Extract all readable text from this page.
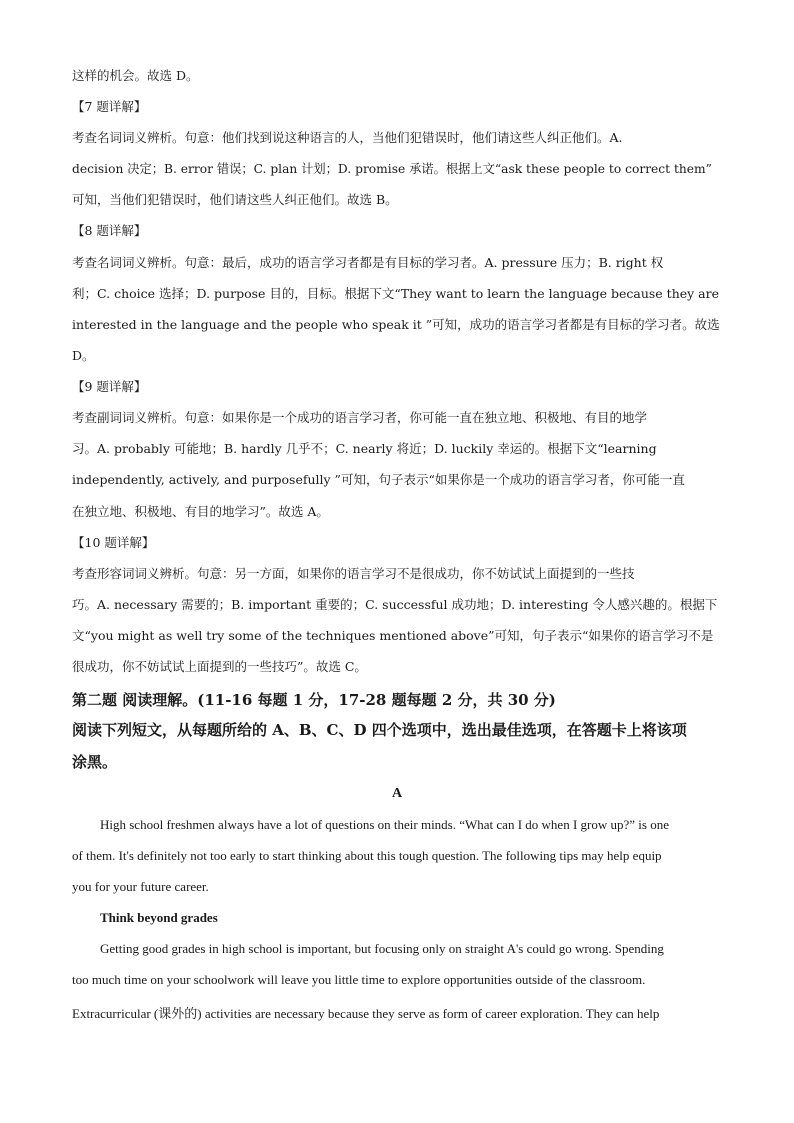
这样的机会。故选 D。
【7 题详解】
考查名词词义辨析。句意：他们找到说这种语言的人，当他们犯错误时，他们请这些人纠正他们。A.
decision 决定；B. error 错误；C. plan 计划；D. promise 承诺。根据上文“ask these people to correct them”
可知，当他们犯错误时，他们请这些人纠正他们。故选 B。
【8 题详解】
考查名词词义辨析。句意：最后，成功的语言学习者都是有目标的学习者。A. pressure 压力；B. right 权
利；C. choice 选择；D. purpose 目的，目标。根据下文“They want to learn the language because they are
interested in the language and the people who speak it ”可知，成功的语言学习者都是有目标的学习者。故选
D。
【9 题详解】
考查副词词义辨析。句意：如果你是一个成功的语言学习者，你可能一直在独立地、积极地、有目的地学
习。A. probably 可能地；B. hardly 几乎不；C. nearly 将近；D. luckily 幸运的。根据下文“learning
independently, actively, and purposefully ”可知，句子表示“如果你是一个成功的语言学习者，你可能一直
在独立地、积极地、有目的地学习”。故选 A。
【10 题详解】
考查形容词词义辨析。句意：另一方面，如果你的语言学习不是很成功，你不妨试试上面提到的一些技
巧。A. necessary 需要的；B. important 重要的；C. successful 成功地；D. interesting 令人感兴趣的。根据下
文“you might as well try some of the techniques mentioned above”可知，句子表示“如果你的语言学习不是
很成功，你不妨试试上面提到的一些技巧”。故选 C。
第二题 阅读理解。(11-16 每题 1 分，17-28 题每题 2 分，共 30 分)
阅读下列短文，从每题所给的 A、B、C、D 四个选项中，选出最佳选项，在答题卡上将该项
涂黑。
A
High school freshmen always have a lot of questions on their minds. “What can I do when I grow up?” is one
of them. It's definitely not too early to start thinking about this tough question. The following tips may help equip
you for your future career.
Think beyond grades
Getting good grades in high school is important, but focusing only on straight A's could go wrong. Spending
too much time on your schoolwork will leave you little time to explore opportunities outside of the classroom.
Extracurricular (课外的) activities are necessary because they serve as form of career exploration. They can help
